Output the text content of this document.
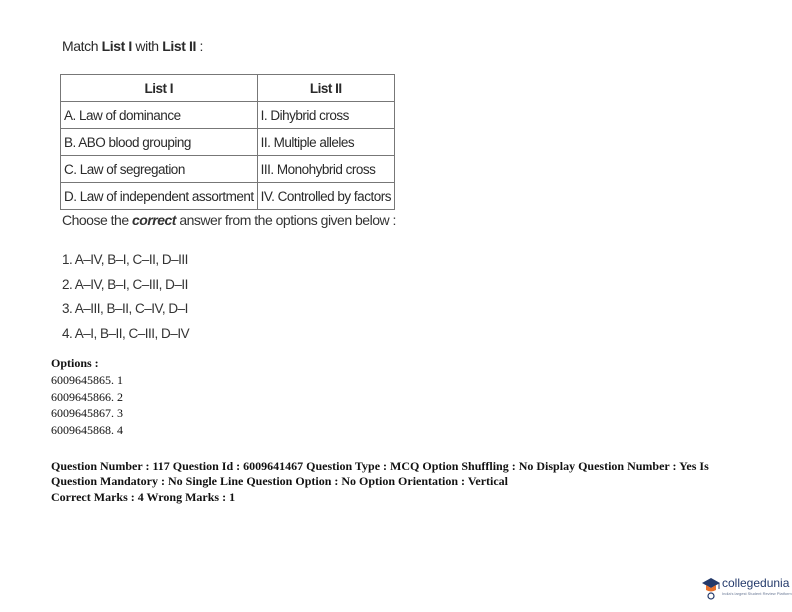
Match List I with List II :
List I	List II
A. Law of dominance	I. Dihybrid cross
B. ABO blood grouping	II. Multiple alleles
C. Law of segregation	III. Monohybrid cross
D. Law of independent assortment	IV. Controlled by factors
Choose the correct answer from the options given below :
1. A–IV, B–I, C–II, D–III
2. A–IV, B–I, C–III, D–II
3. A–III, B–II, C–IV, D–I
4. A–I, B–II, C–III, D–IV
Options :
6009645865. 1
6009645866. 2
6009645867. 3
6009645868. 4
Question Number : 117 Question Id : 6009641467 Question Type : MCQ Option Shuffling : No Display Question Number : Yes Is
Question Mandatory : No Single Line Question Option : No Option Orientation : Vertical
Correct Marks : 4 Wrong Marks : 1
collegedunia
India's largest Student Review Platform
